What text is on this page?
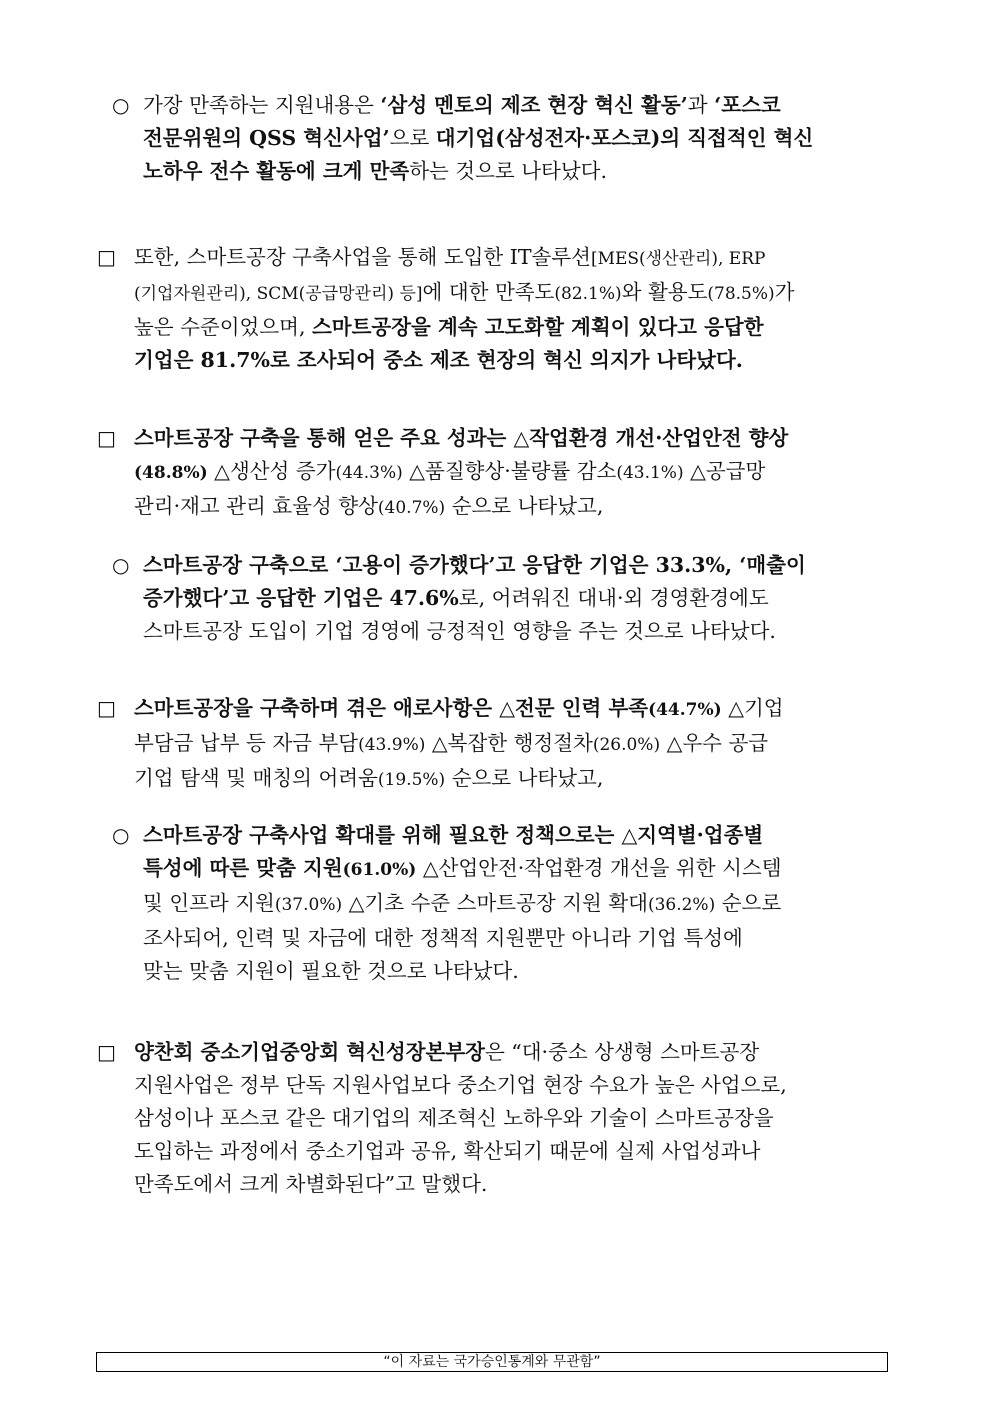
○ 가장 만족하는 지원내용은 ‘삼성 멘토의 제조 현장 혁신 활동’과 ‘포스코
전문위원의 QSS 혁신사업’으로 대기업(삼성전자·포스코)의 직접적인 혁신
노하우 전수 활동에 크게 만족하는 것으로 나타났다.
□ 또한, 스마트공장 구축사업을 통해 도입한 IT솔루션[MES(생산관리), ERP
(기업자원관리), SCM(공급망관리) 등]에 대한 만족도(82.1%)와 활용도(78.5%)가
높은 수준이었으며, 스마트공장을 계속 고도화할 계획이 있다고 응답한
기업은 81.7%로 조사되어 중소 제조 현장의 혁신 의지가 나타났다.
□ 스마트공장 구축을 통해 얻은 주요 성과는 △작업환경 개선·산업안전 향상
(48.8%) △생산성 증가(44.3%) △품질향상·불량률 감소(43.1%) △공급망
관리·재고 관리 효율성 향상(40.7%) 순으로 나타났고,
○ 스마트공장 구축으로 ‘고용이 증가했다’고 응답한 기업은 33.3%, ‘매출이
증가했다’고 응답한 기업은 47.6%로, 어려워진 대내·외 경영환경에도
스마트공장 도입이 기업 경영에 긍정적인 영향을 주는 것으로 나타났다.
□ 스마트공장을 구축하며 겪은 애로사항은 △전문 인력 부족(44.7%) △기업
부담금 납부 등 자금 부담(43.9%) △복잡한 행정절차(26.0%) △우수 공급
기업 탐색 및 매칭의 어려움(19.5%) 순으로 나타났고,
○ 스마트공장 구축사업 확대를 위해 필요한 정책으로는 △지역별·업종별
특성에 따른 맞춤 지원(61.0%) △산업안전·작업환경 개선을 위한 시스템
및 인프라 지원(37.0%) △기초 수준 스마트공장 지원 확대(36.2%) 순으로
조사되어, 인력 및 자금에 대한 정책적 지원뿐만 아니라 기업 특성에
맞는 맞춤 지원이 필요한 것으로 나타났다.
□ 양찬회 중소기업중앙회 혁신성장본부장은 “대·중소 상생형 스마트공장
지원사업은 정부 단독 지원사업보다 중소기업 현장 수요가 높은 사업으로,
삼성이나 포스코 같은 대기업의 제조혁신 노하우와 기술이 스마트공장을
도입하는 과정에서 중소기업과 공유, 확산되기 때문에 실제 사업성과나
만족도에서 크게 차별화된다”고 말했다.
“이 자료는 국가승인통계와 무관함”
